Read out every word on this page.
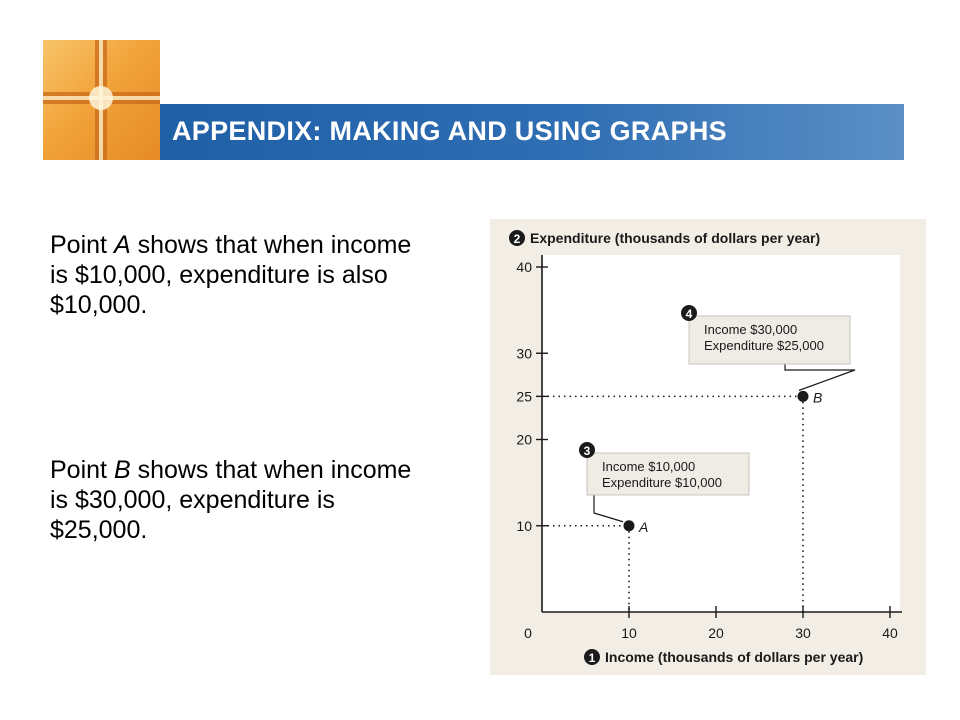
APPENDIX: MAKING AND USING GRAPHS
Point A shows that when income is $10,000, expenditure is also $10,000.
Point B shows that when income is $30,000, expenditure is $25,000.	10
20
25
30
40
0	10	20	30	40
2 Expenditure (thousands of dollars per year)
1 Income (thousands of dollars per year)
3
Income $10,000
Expenditure $10,000
A
4
Income $30,000
Expenditure $25,000
B
